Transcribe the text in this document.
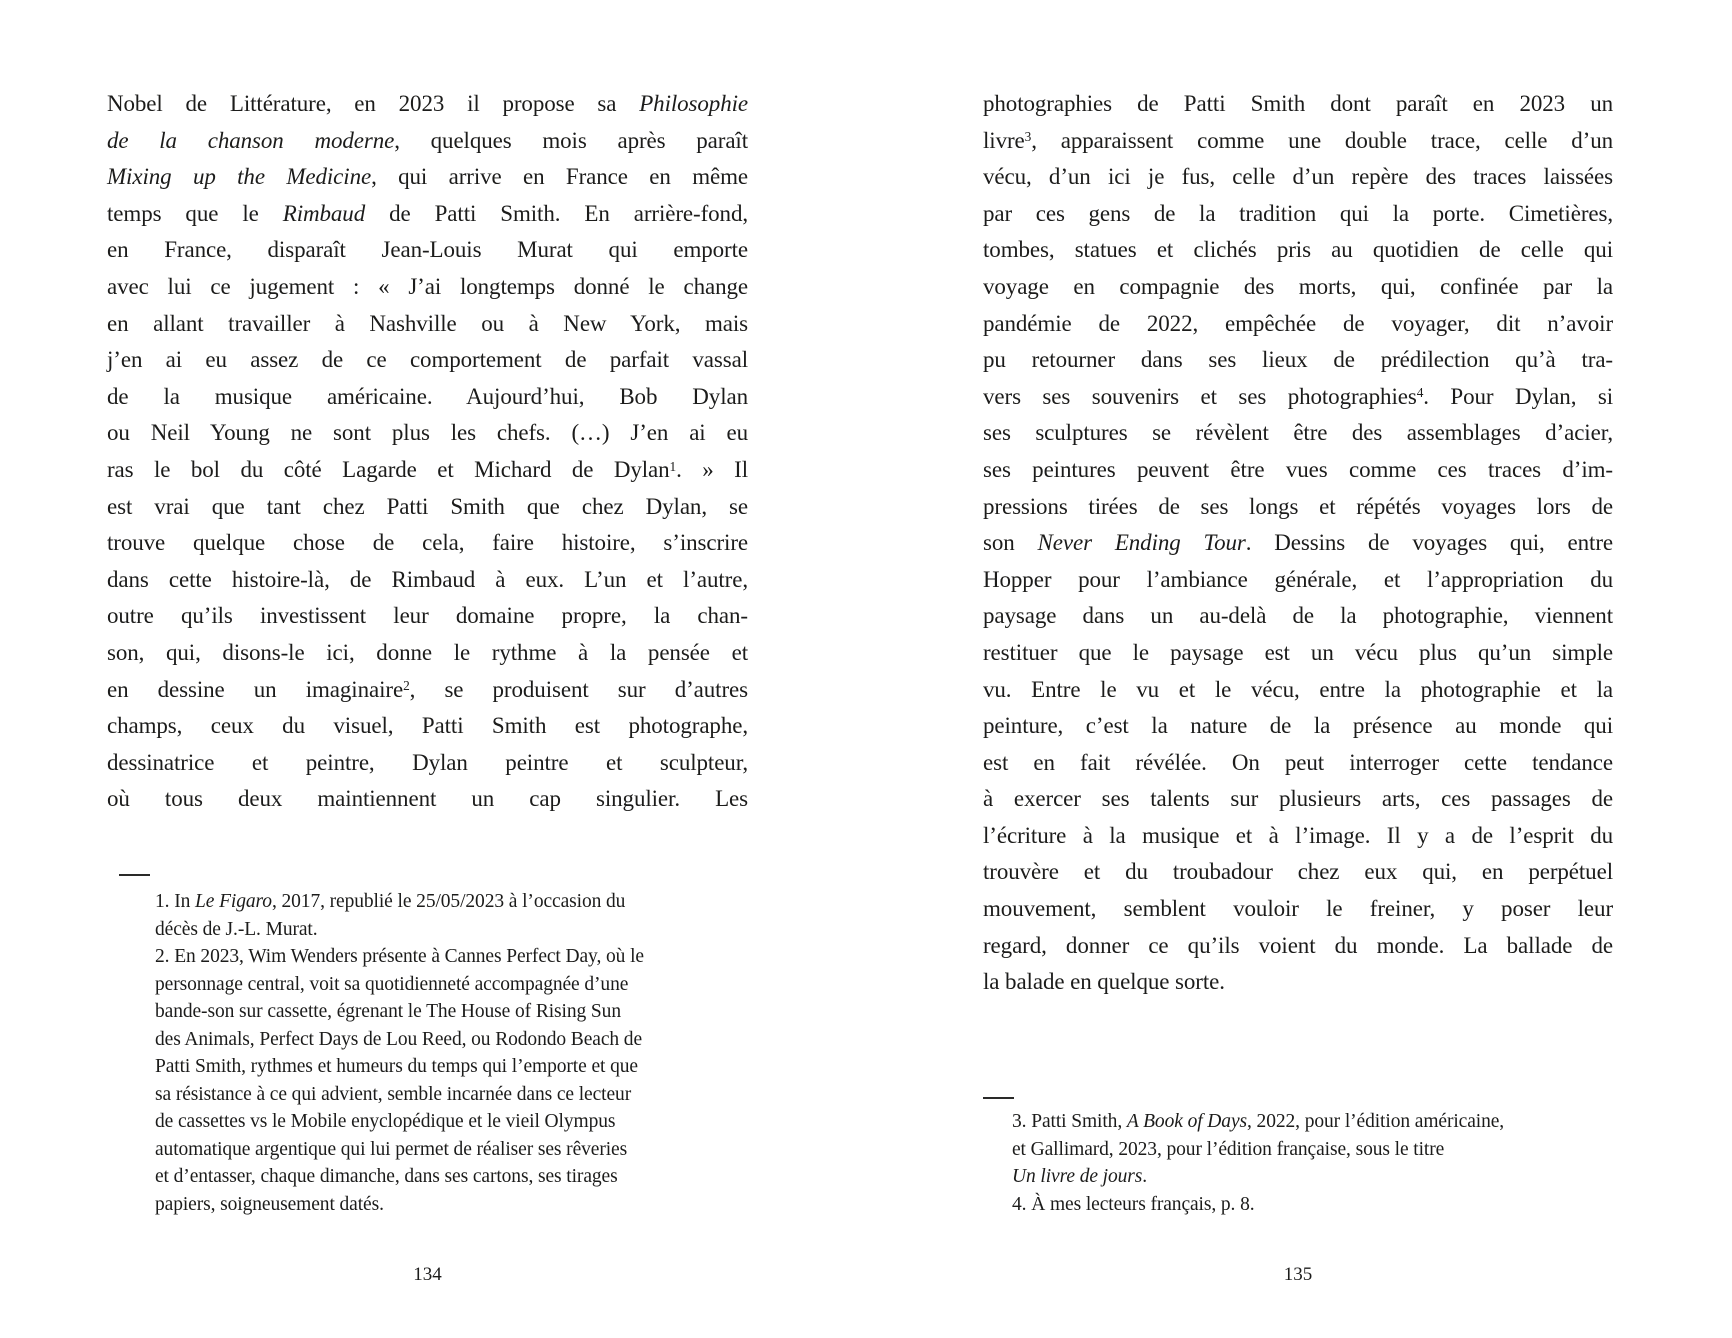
Nobel de Littérature, en 2023 il propose sa Philosophie
de la chanson moderne, quelques mois après paraît
Mixing up the Medicine, qui arrive en France en même
temps que le Rimbaud de Patti Smith. En arrière-fond,
en France, disparaît Jean-Louis Murat qui emporte
avec lui ce jugement : « J’ai longtemps donné le change
en allant travailler à Nashville ou à New York, mais
j’en ai eu assez de ce comportement de parfait vassal
de la musique américaine. Aujourd’hui, Bob Dylan
ou Neil Young ne sont plus les chefs. (…) J’en ai eu
ras le bol du côté Lagarde et Michard de Dylan$^1$. » Il
est vrai que tant chez Patti Smith que chez Dylan, se
trouve quelque chose de cela, faire histoire, s’inscrire
dans cette histoire-là, de Rimbaud à eux. L’un et l’autre,
outre qu’ils investissent leur domaine propre, la chan-
son, qui, disons-le ici, donne le rythme à la pensée et
en dessine un imaginaire$^2$, se produisent sur d’autres
champs, ceux du visuel, Patti Smith est photographe,
dessinatrice et peintre, Dylan peintre et sculpteur,
où tous deux maintiennent un cap singulier. Les
1. In Le Figaro, 2017, republié le 25/05/2023 à l’occasion du
décès de J.-L. Murat.
2. En 2023, Wim Wenders présente à Cannes Perfect Day, où le
personnage central, voit sa quotidienneté accompagnée d’une
bande-son sur cassette, égrenant le The House of Rising Sun
des Animals, Perfect Days de Lou Reed, ou Rodondo Beach de
Patti Smith, rythmes et humeurs du temps qui l’emporte et que
sa résistance à ce qui advient, semble incarnée dans ce lecteur
de cassettes vs le Mobile enyclopédique et le vieil Olympus
automatique argentique qui lui permet de réaliser ses rêveries
et d’entasser, chaque dimanche, dans ses cartons, ses tirages
papiers, soigneusement datés.
134
photographies de Patti Smith dont paraît en 2023 un
livre$^3$, apparaissent comme une double trace, celle d’un
vécu, d’un ici je fus, celle d’un repère des traces laissées
par ces gens de la tradition qui la porte. Cimetières,
tombes, statues et clichés pris au quotidien de celle qui
voyage en compagnie des morts, qui, confinée par la
pandémie de 2022, empêchée de voyager, dit n’avoir
pu retourner dans ses lieux de prédilection qu’à tra-
vers ses souvenirs et ses photographies$^4$. Pour Dylan, si
ses sculptures se révèlent être des assemblages d’acier,
ses peintures peuvent être vues comme ces traces d’im-
pressions tirées de ses longs et répétés voyages lors de
son Never Ending Tour. Dessins de voyages qui, entre
Hopper pour l’ambiance générale, et l’appropriation du
paysage dans un au-delà de la photographie, viennent
restituer que le paysage est un vécu plus qu’un simple
vu. Entre le vu et le vécu, entre la photographie et la
peinture, c’est la nature de la présence au monde qui
est en fait révélée. On peut interroger cette tendance
à exercer ses talents sur plusieurs arts, ces passages de
l’écriture à la musique et à l’image. Il y a de l’esprit du
trouvère et du troubadour chez eux qui, en perpétuel
mouvement, semblent vouloir le freiner, y poser leur
regard, donner ce qu’ils voient du monde. La ballade de
la balade en quelque sorte.
3. Patti Smith, A Book of Days, 2022, pour l’édition américaine,
et Gallimard, 2023, pour l’édition française, sous le titre
Un livre de jours.
4. À mes lecteurs français, p. 8.
135
